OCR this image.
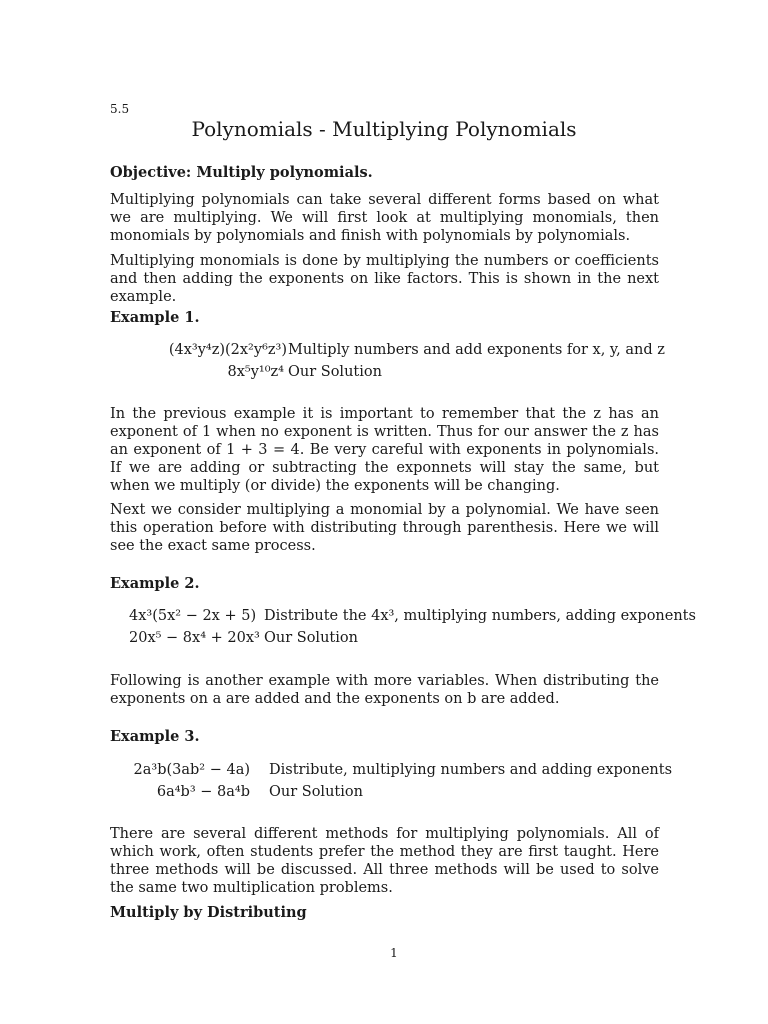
5.5
Polynomials - Multiplying Polynomials
Objective: Multiply polynomials.

Multiplying polynomials can take several different forms based on what we are multiplying. We will first look at multiplying monomials, then monomials by polynomials and finish with polynomials by polynomials.

Multiplying monomials is done by multiplying the numbers or coefficients and then adding the exponents on like factors. This is shown in the next example.

Example 1.
(4x³y⁴z)(2x²y⁶z³) Multiply numbers and add exponents for x, y, and z
8x⁵y¹⁰z⁴ Our Solution

In the previous example it is important to remember that the z has an exponent of 1 when no exponent is written. Thus for our answer the z has an exponent of 1 + 3 = 4. Be very careful with exponents in polynomials. If we are adding or subtracting the exponnets will stay the same, but when we multiply (or divide) the exponents will be changing.

Next we consider multiplying a monomial by a polynomial. We have seen this operation before with distributing through parenthesis. Here we will see the exact same process.

Example 2.
4x³(5x² − 2x + 5) Distribute the 4x³, multiplying numbers, adding exponents
20x⁵ − 8x⁴ + 20x³ Our Solution

Following is another example with more variables. When distributing the exponents on a are added and the exponents on b are added.

Example 3.
2a³b(3ab² − 4a) Distribute, multiplying numbers and adding exponents
6a⁴b³ − 8a⁴b Our Solution

There are several different methods for multiplying polynomials. All of which work, often students prefer the method they are first taught. Here three methods will be discussed. All three methods will be used to solve the same two multiplication problems.

Multiply by Distributing
1
